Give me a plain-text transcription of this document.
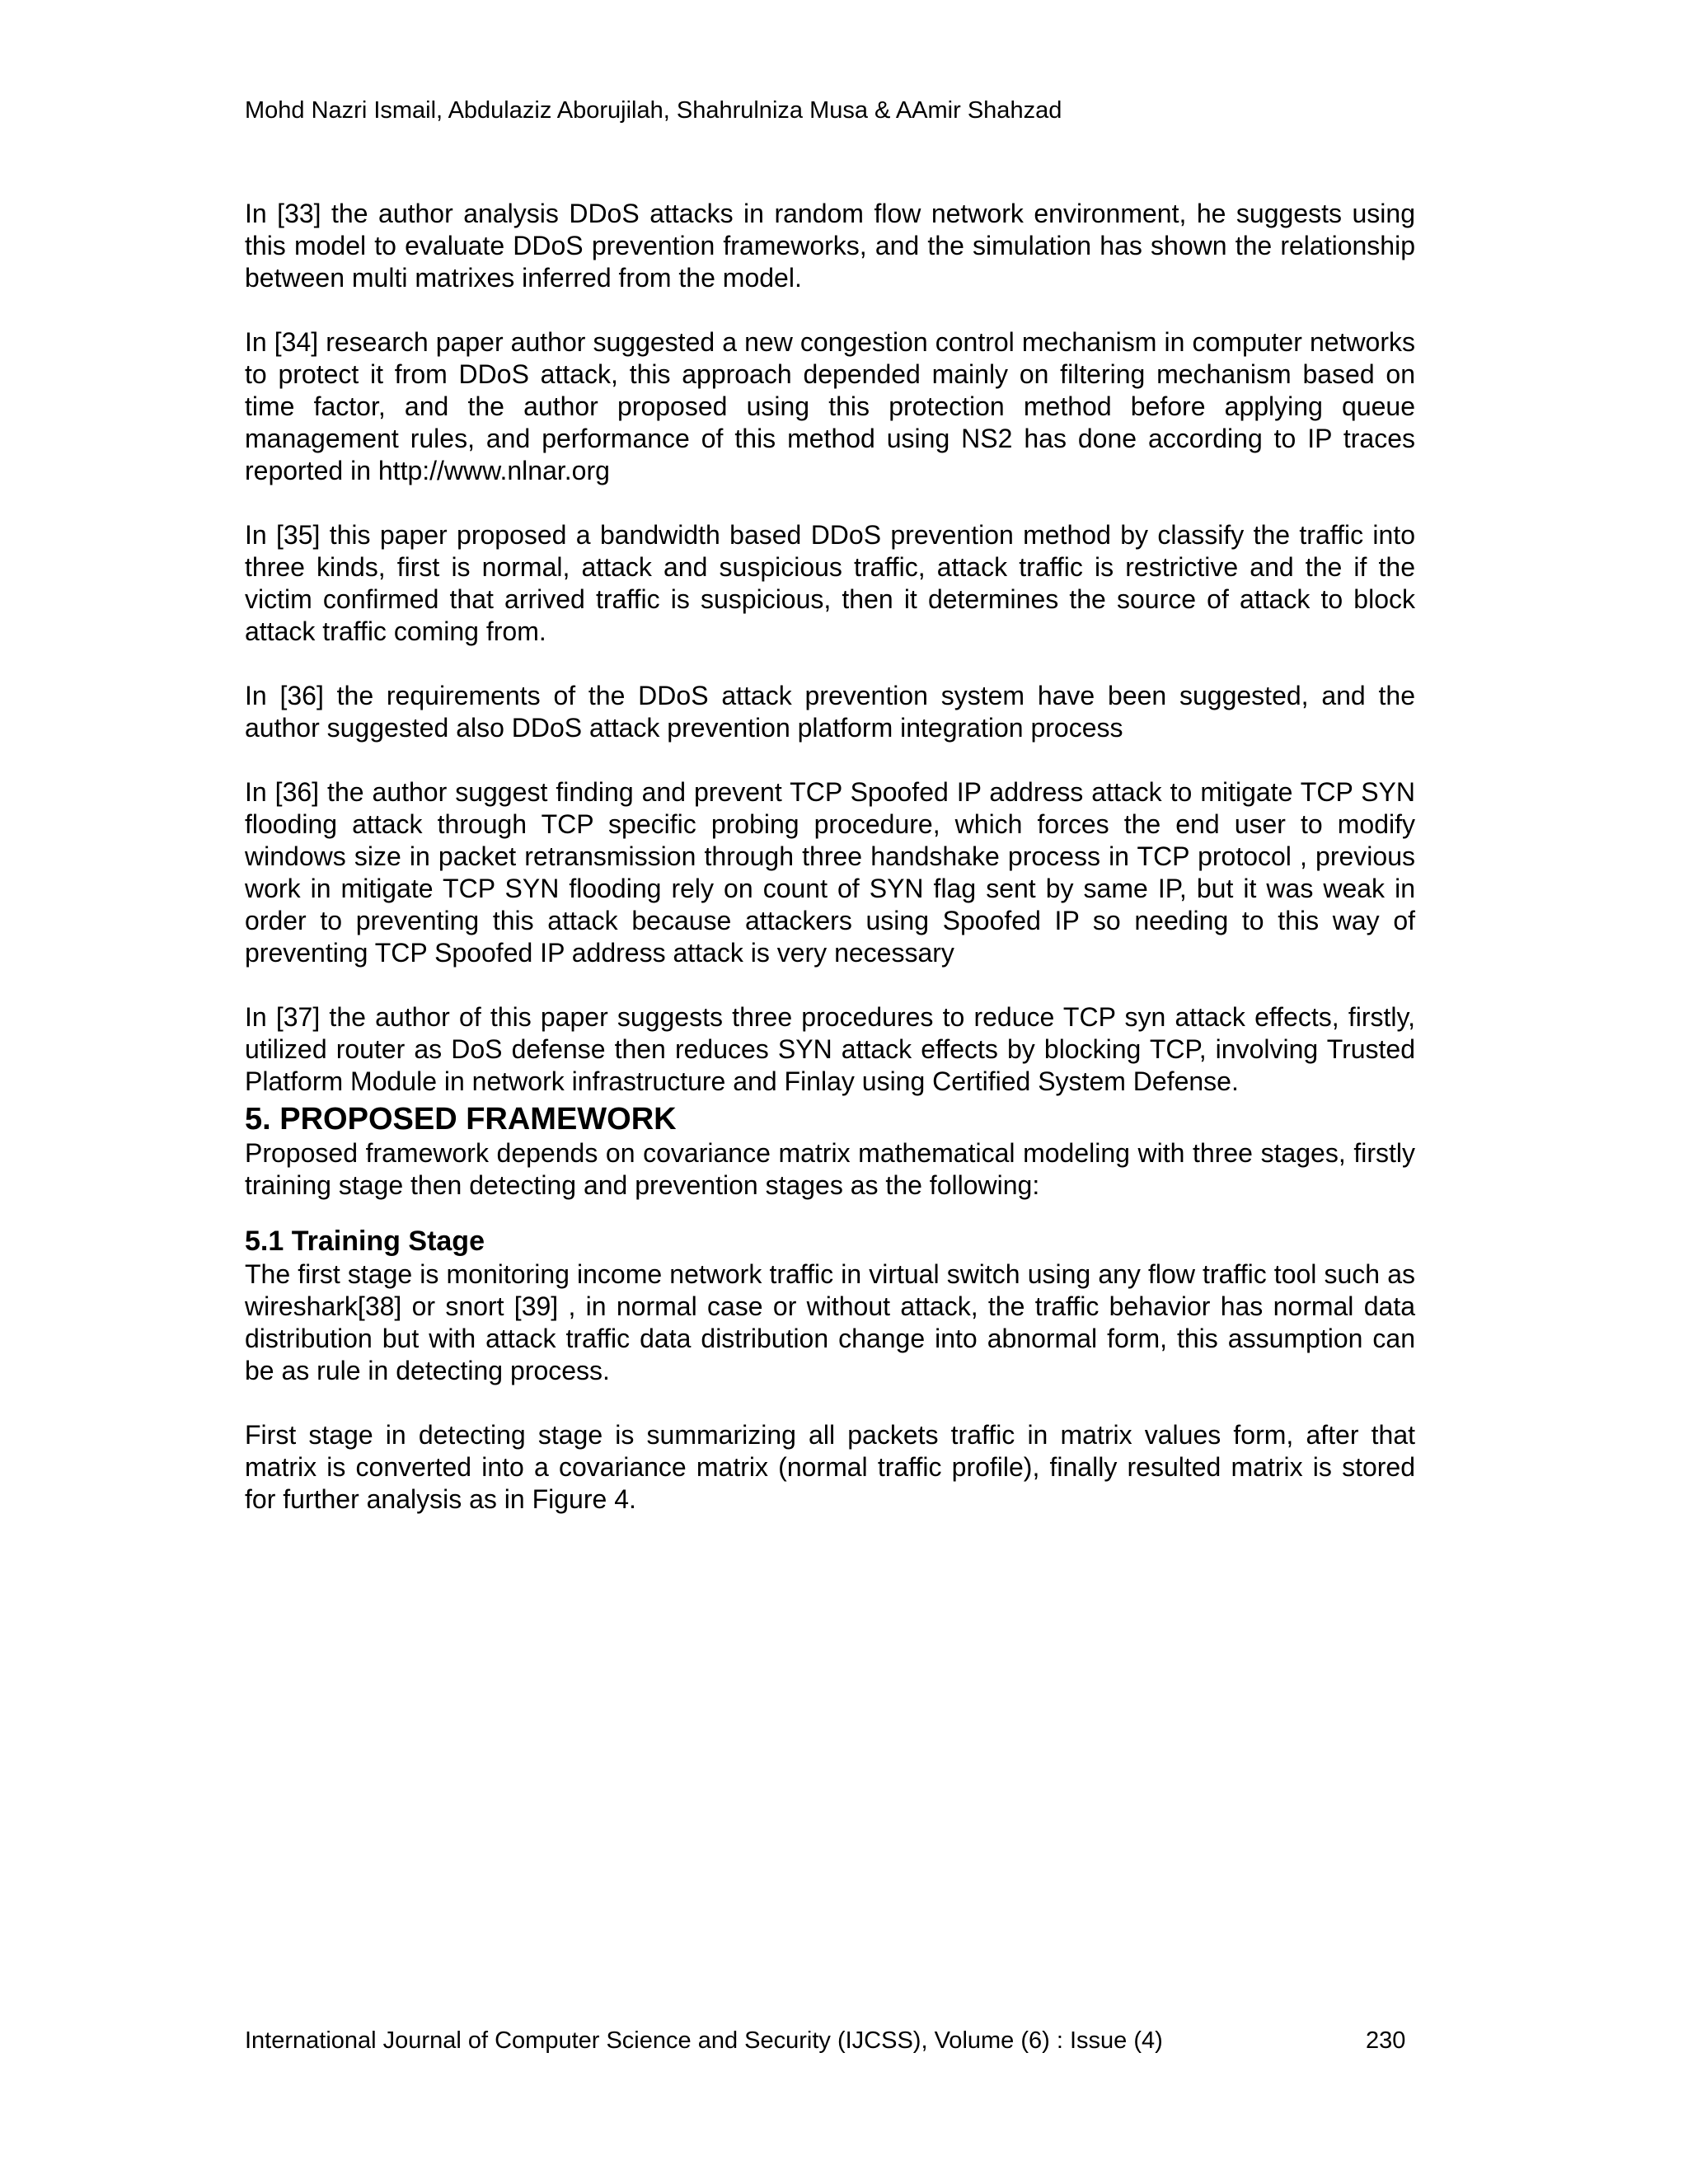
Mohd Nazri Ismail, Abdulaziz Aborujilah, Shahrulniza Musa & AAmir Shahzad

In [33] the author analysis DDoS attacks in random flow network environment, he suggests using this model to evaluate DDoS prevention frameworks, and the simulation has shown the relationship between multi matrixes inferred from the model.

In [34] research paper author suggested a new congestion control mechanism in computer networks to protect it from DDoS attack, this approach depended mainly on filtering mechanism based on time factor, and the author proposed using this protection method before applying queue management rules, and performance of this method using NS2 has done according to IP traces reported in http://www.nlnar.org

In [35] this paper proposed a bandwidth based DDoS prevention method by classify the traffic into three kinds, first is normal, attack and suspicious traffic, attack traffic is restrictive and the if the victim confirmed that arrived traffic is suspicious, then it determines the source of attack to block attack traffic coming from.

In [36] the requirements of the DDoS attack prevention system have been suggested, and the author suggested also DDoS attack prevention platform integration process

In [36] the author suggest finding and prevent TCP Spoofed IP address attack to mitigate TCP SYN flooding attack through TCP specific probing procedure, which forces the end user to modify windows size in packet retransmission through three handshake process in TCP protocol , previous work in mitigate TCP SYN flooding rely on count of SYN flag sent by same IP, but it was weak in order to preventing this attack because attackers using Spoofed IP so needing to this way of preventing TCP Spoofed IP address attack is very necessary

In [37] the author of this paper suggests three procedures to reduce TCP syn attack effects, firstly, utilized router as DoS defense then reduces SYN attack effects by blocking TCP, involving Trusted Platform Module in network infrastructure and Finlay using Certified System Defense.

5. PROPOSED FRAMEWORK

Proposed framework depends on covariance matrix mathematical modeling with three stages, firstly training stage then detecting and prevention stages as the following:

5.1 Training Stage

The first stage is monitoring income network traffic in virtual switch using any flow traffic tool such as wireshark[38] or snort [39] , in normal case or without attack, the traffic behavior has normal data distribution but with attack traffic data distribution change into abnormal form, this assumption can be as rule in detecting process.

First stage in detecting stage is summarizing all packets traffic in matrix values form, after that matrix is converted into a covariance matrix (normal traffic profile), finally resulted matrix is stored for further analysis as in Figure 4.

International Journal of Computer Science and Security (IJCSS), Volume (6) : Issue (4)	230
